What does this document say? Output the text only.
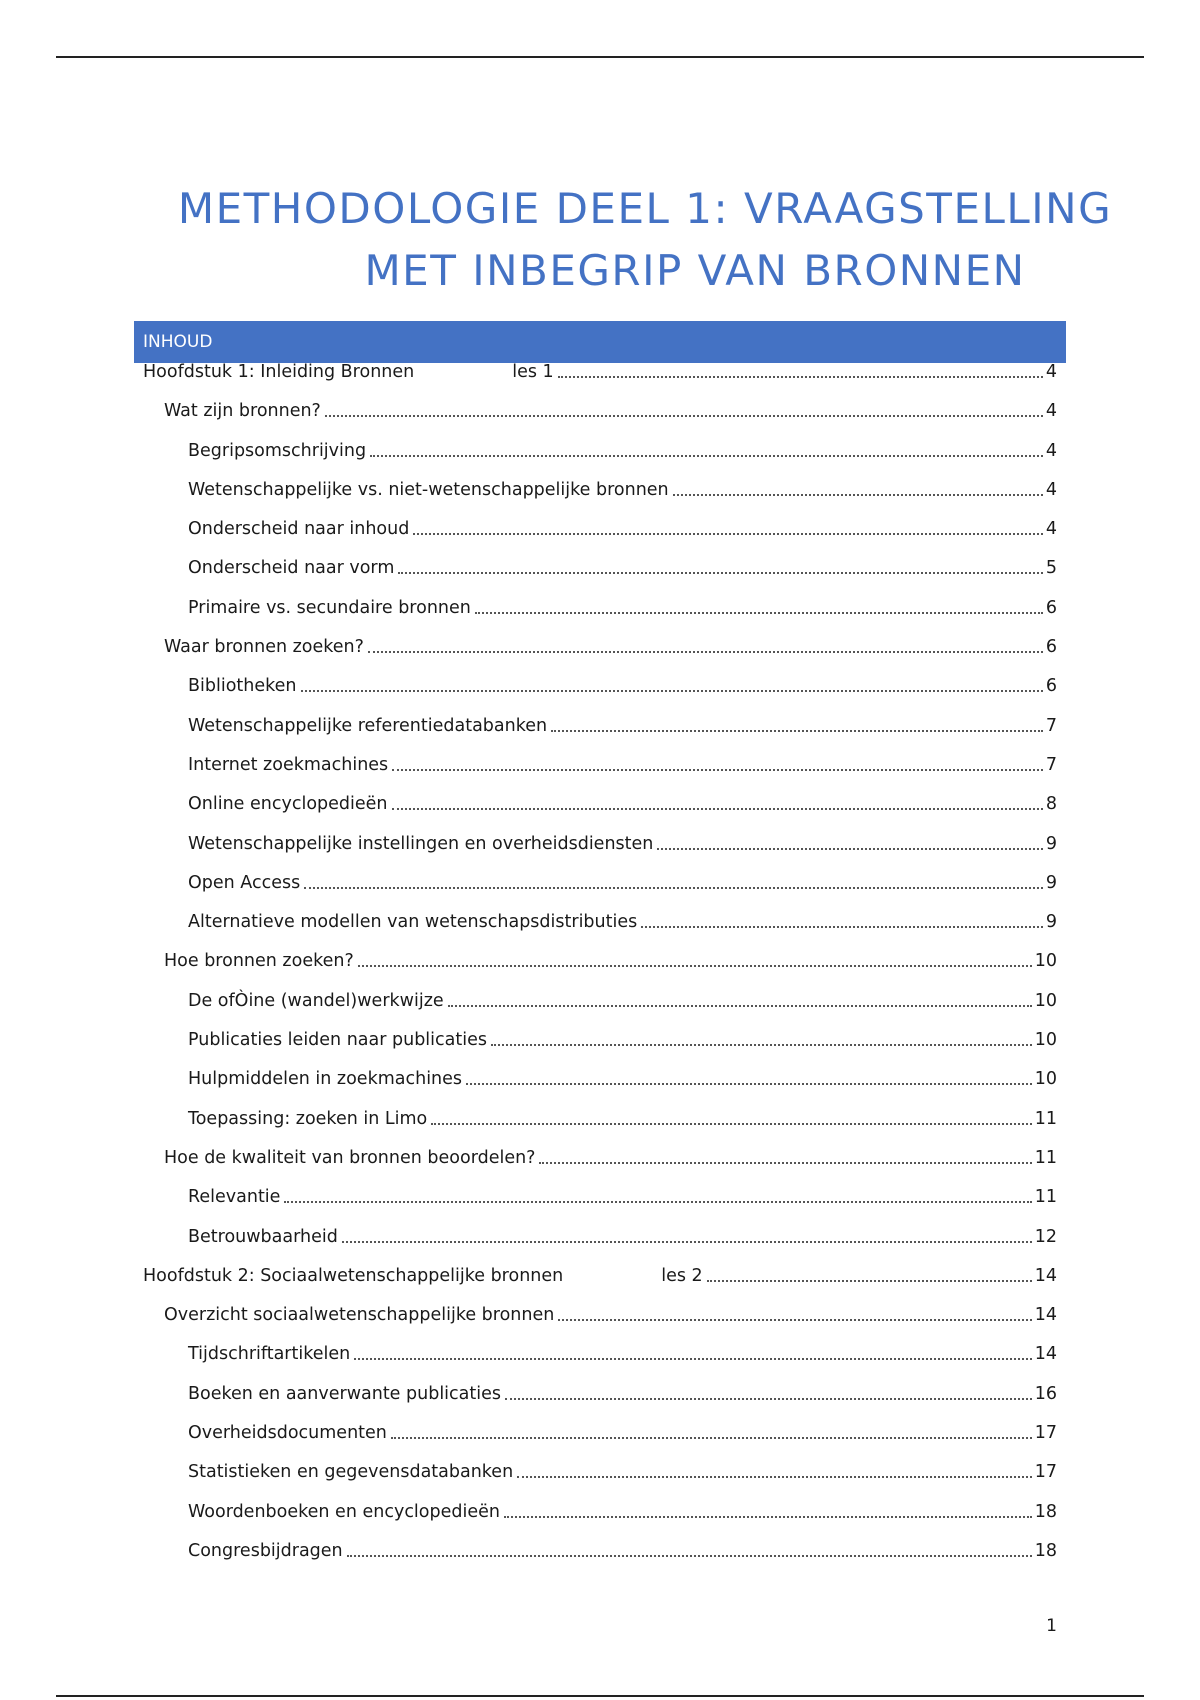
METHODOLOGIE DEEL 1: VRAAGSTELLING
MET INBEGRIP VAN BRONNEN
INHOUD
Hoofdstuk 1: Inleiding Bronnen	les 1	4
Wat zijn bronnen?	4
Begripsomschrijving	4
Wetenschappelijke vs. niet-wetenschappelijke bronnen	4
Onderscheid naar inhoud	4
Onderscheid naar vorm	5
Primaire vs. secundaire bronnen	6
Waar bronnen zoeken?	6
Bibliotheken	6
Wetenschappelijke referentiedatabanken	7
Internet zoekmachines	7
Online encyclopedieën	8
Wetenschappelijke instellingen en overheidsdiensten	9
Open Access	9
Alternatieve modellen van wetenschapsdistributies	9
Hoe bronnen zoeken?	10
De ofÒine (wandel)werkwijze	10
Publicaties leiden naar publicaties	10
Hulpmiddelen in zoekmachines	10
Toepassing: zoeken in Limo	11
Hoe de kwaliteit van bronnen beoordelen?	11
Relevantie	11
Betrouwbaarheid	12
Hoofdstuk 2: Sociaalwetenschappelijke bronnen	les 2	14
Overzicht sociaalwetenschappelijke bronnen	14
Tijdschriftartikelen	14
Boeken en aanverwante publicaties	16
Overheidsdocumenten	17
Statistieken en gegevensdatabanken	17
Woordenboeken en encyclopedieën	18
Congresbijdragen	18
1
